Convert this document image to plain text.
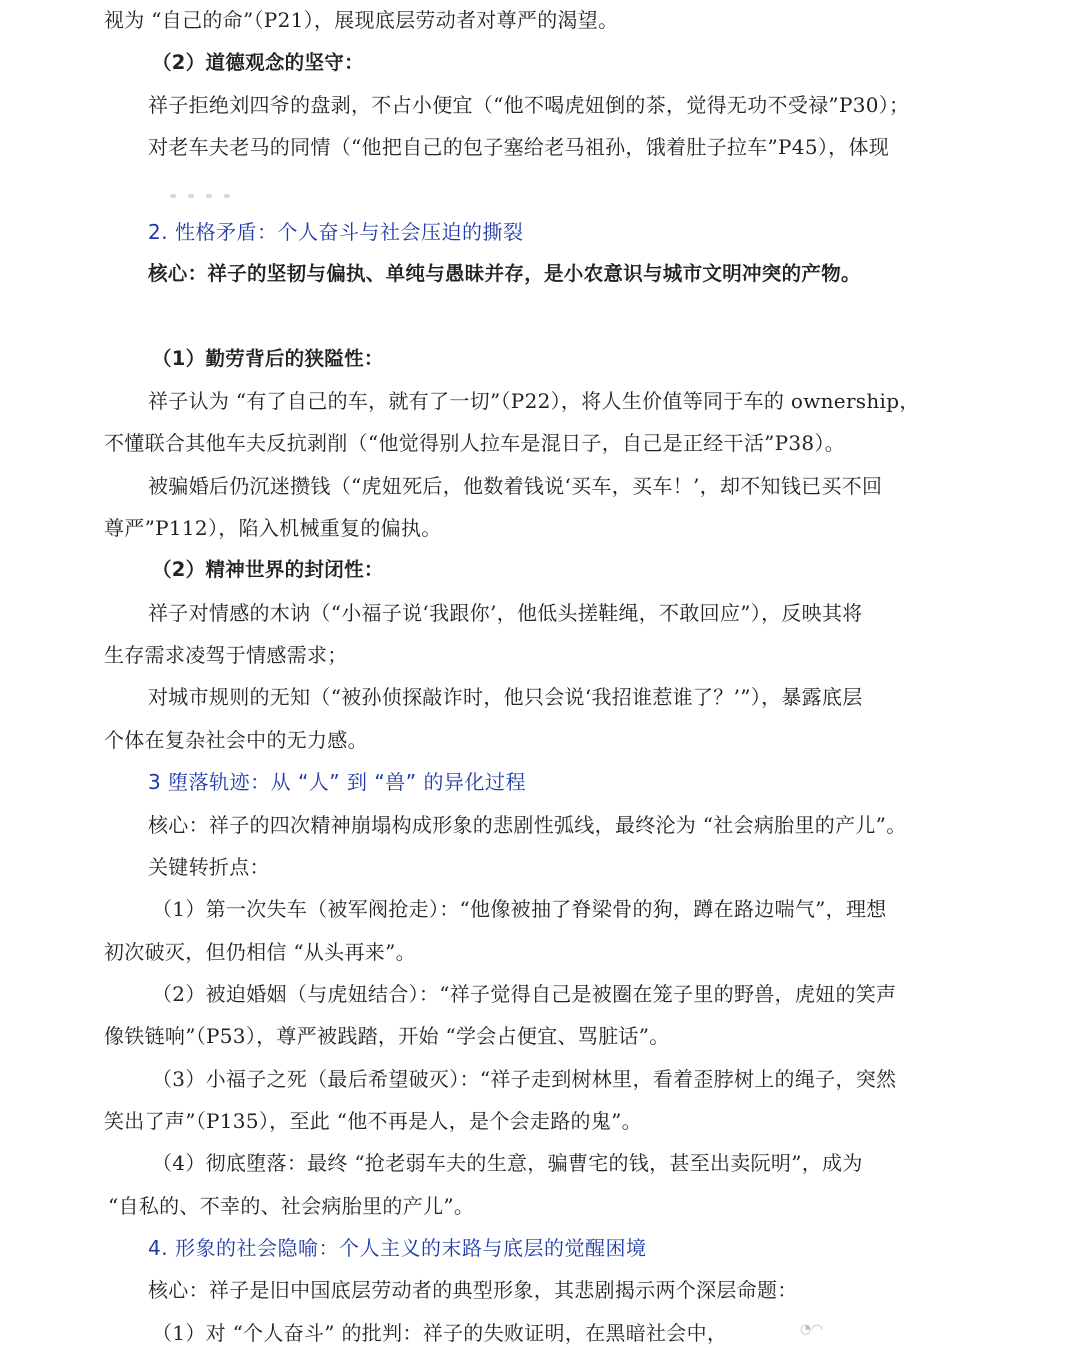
视为 “自己的命”（P21），展现底层劳动者对尊严的渴望。
（2）道德观念的坚守：
祥子拒绝刘四爷的盘剥，不占小便宜（“他不喝虎妞倒的茶，觉得无功不受禄”P30）；
对老车夫老马的同情（“他把自己的包子塞给老马祖孙，饿着肚子拉车”P45），体现
2. 性格矛盾：个人奋斗与社会压迫的撕裂
核心：祥子的坚韧与偏执、单纯与愚昧并存，是小农意识与城市文明冲突的产物。
（1）勤劳背后的狭隘性：
祥子认为 “有了自己的车，就有了一切”（P22），将人生价值等同于车的 ownership，
不懂联合其他车夫反抗剥削（“他觉得别人拉车是混日子，自己是正经干活”P38）。
被骗婚后仍沉迷攒钱（“虎妞死后，他数着钱说‘买车，买车！’，却不知钱已买不回
尊严”P112），陷入机械重复的偏执。
（2）精神世界的封闭性：
祥子对情感的木讷（“小福子说‘我跟你’，他低头搓鞋绳，不敢回应”），反映其将
生存需求凌驾于情感需求；
对城市规则的无知（“被孙侦探敲诈时，他只会说‘我招谁惹谁了？’”），暴露底层
个体在复杂社会中的无力感。
3 堕落轨迹：从 “人” 到 “兽” 的异化过程
核心：祥子的四次精神崩塌构成形象的悲剧性弧线，最终沦为 “社会病胎里的产儿”。
关键转折点：
（1）第一次失车（被军阀抢走）：“他像被抽了脊梁骨的狗，蹲在路边喘气”，理想
初次破灭，但仍相信 “从头再来”。
（2）被迫婚姻（与虎妞结合）：“祥子觉得自己是被圈在笼子里的野兽，虎妞的笑声
像铁链响”（P53），尊严被践踏，开始 “学会占便宜、骂脏话”。
（3）小福子之死（最后希望破灭）：“祥子走到树林里，看着歪脖树上的绳子，突然
笑出了声”（P135），至此 “他不再是人，是个会走路的鬼”。
（4）彻底堕落：最终 “抢老弱车夫的生意，骗曹宅的钱，甚至出卖阮明”，成为
“自私的、不幸的、社会病胎里的产儿”。
4. 形象的社会隐喻：个人主义的末路与底层的觉醒困境
核心：祥子是旧中国底层劳动者的典型形象，其悲剧揭示两个深层命题：
（1）对 “个人奋斗” 的批判：祥子的失败证明，在黑暗社会中，	◔◠
